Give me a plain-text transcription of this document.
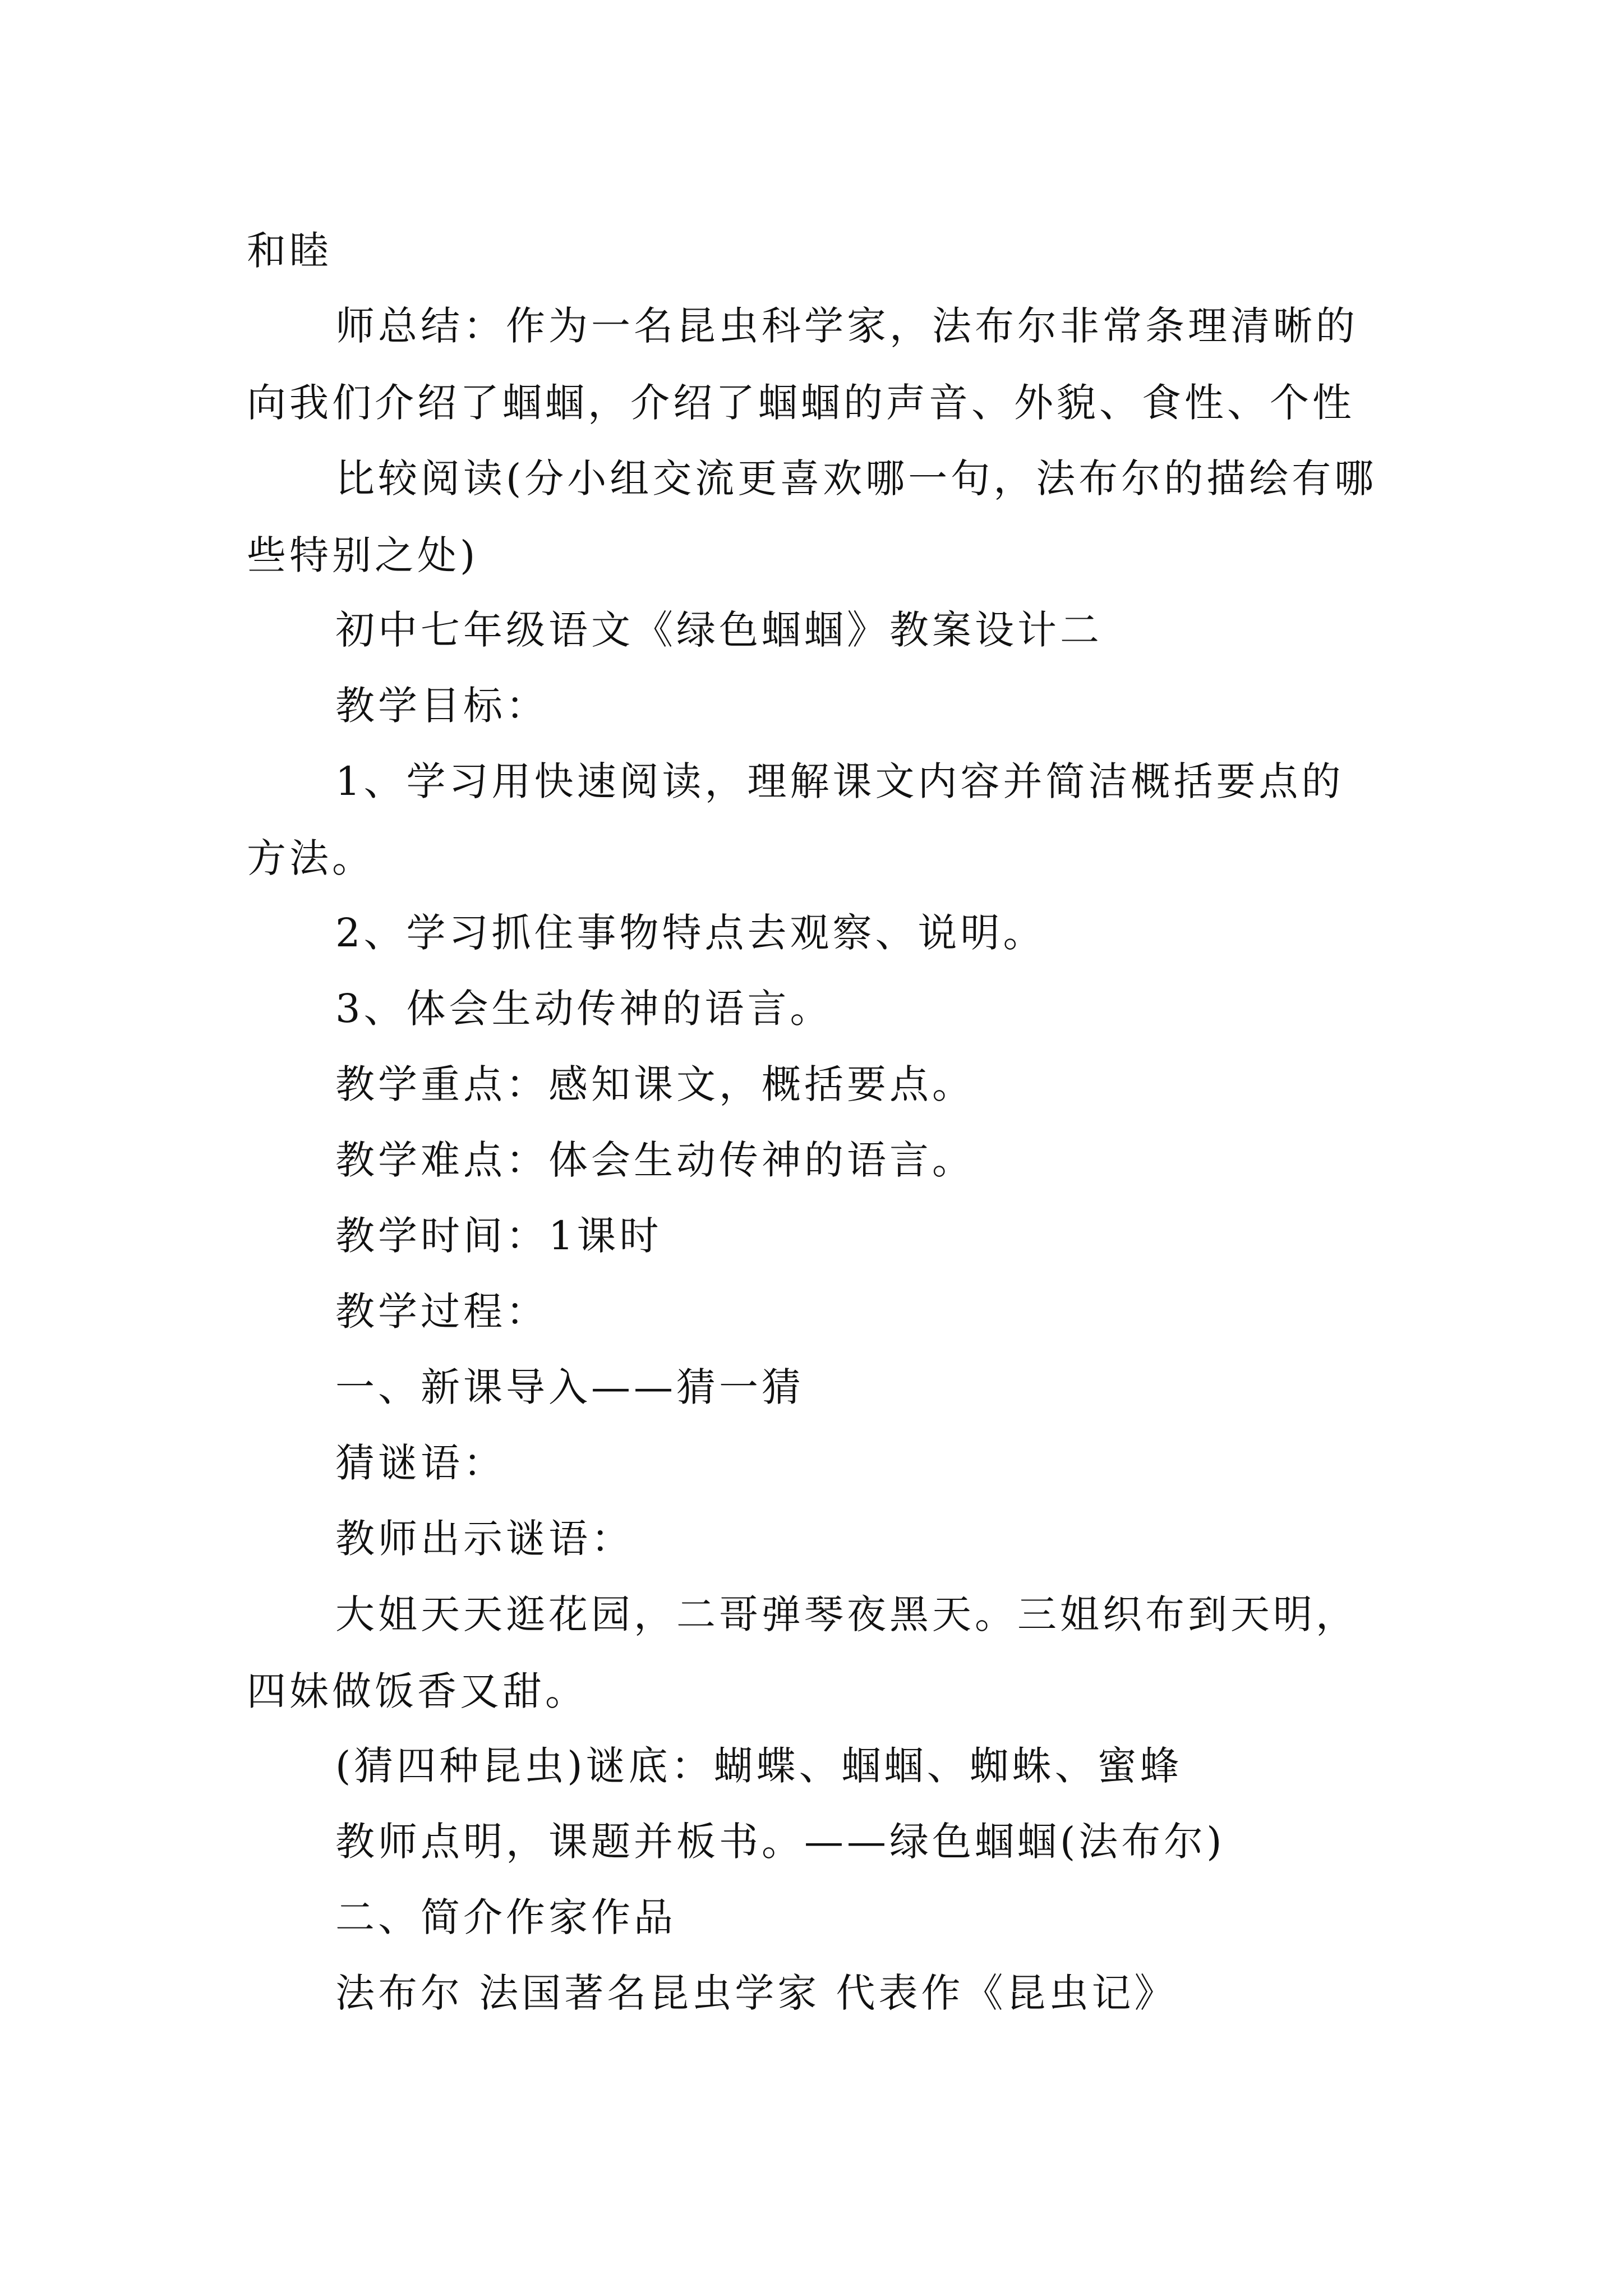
和睦

师总结：作为一名昆虫科学家，法布尔非常条理清晰的向我们介绍了蝈蝈，介绍了蝈蝈的声音、外貌、食性、个性

比较阅读(分小组交流更喜欢哪一句，法布尔的描绘有哪些特别之处)

初中七年级语文《绿色蝈蝈》教案设计二

教学目标：

1、学习用快速阅读，理解课文内容并简洁概括要点的方法。

2、学习抓住事物特点去观察、说明。

3、体会生动传神的语言。

教学重点：感知课文，概括要点。

教学难点：体会生动传神的语言。

教学时间：1课时

教学过程：

一、新课导入——猜一猜

猜谜语：

教师出示谜语：

大姐天天逛花园，二哥弹琴夜黑天。三姐织布到天明，四妹做饭香又甜。

(猜四种昆虫)谜底：蝴蝶、蝈蝈、蜘蛛、蜜蜂

教师点明，课题并板书。——绿色蝈蝈(法布尔)

二、简介作家作品

法布尔 法国著名昆虫学家 代表作《昆虫记》
